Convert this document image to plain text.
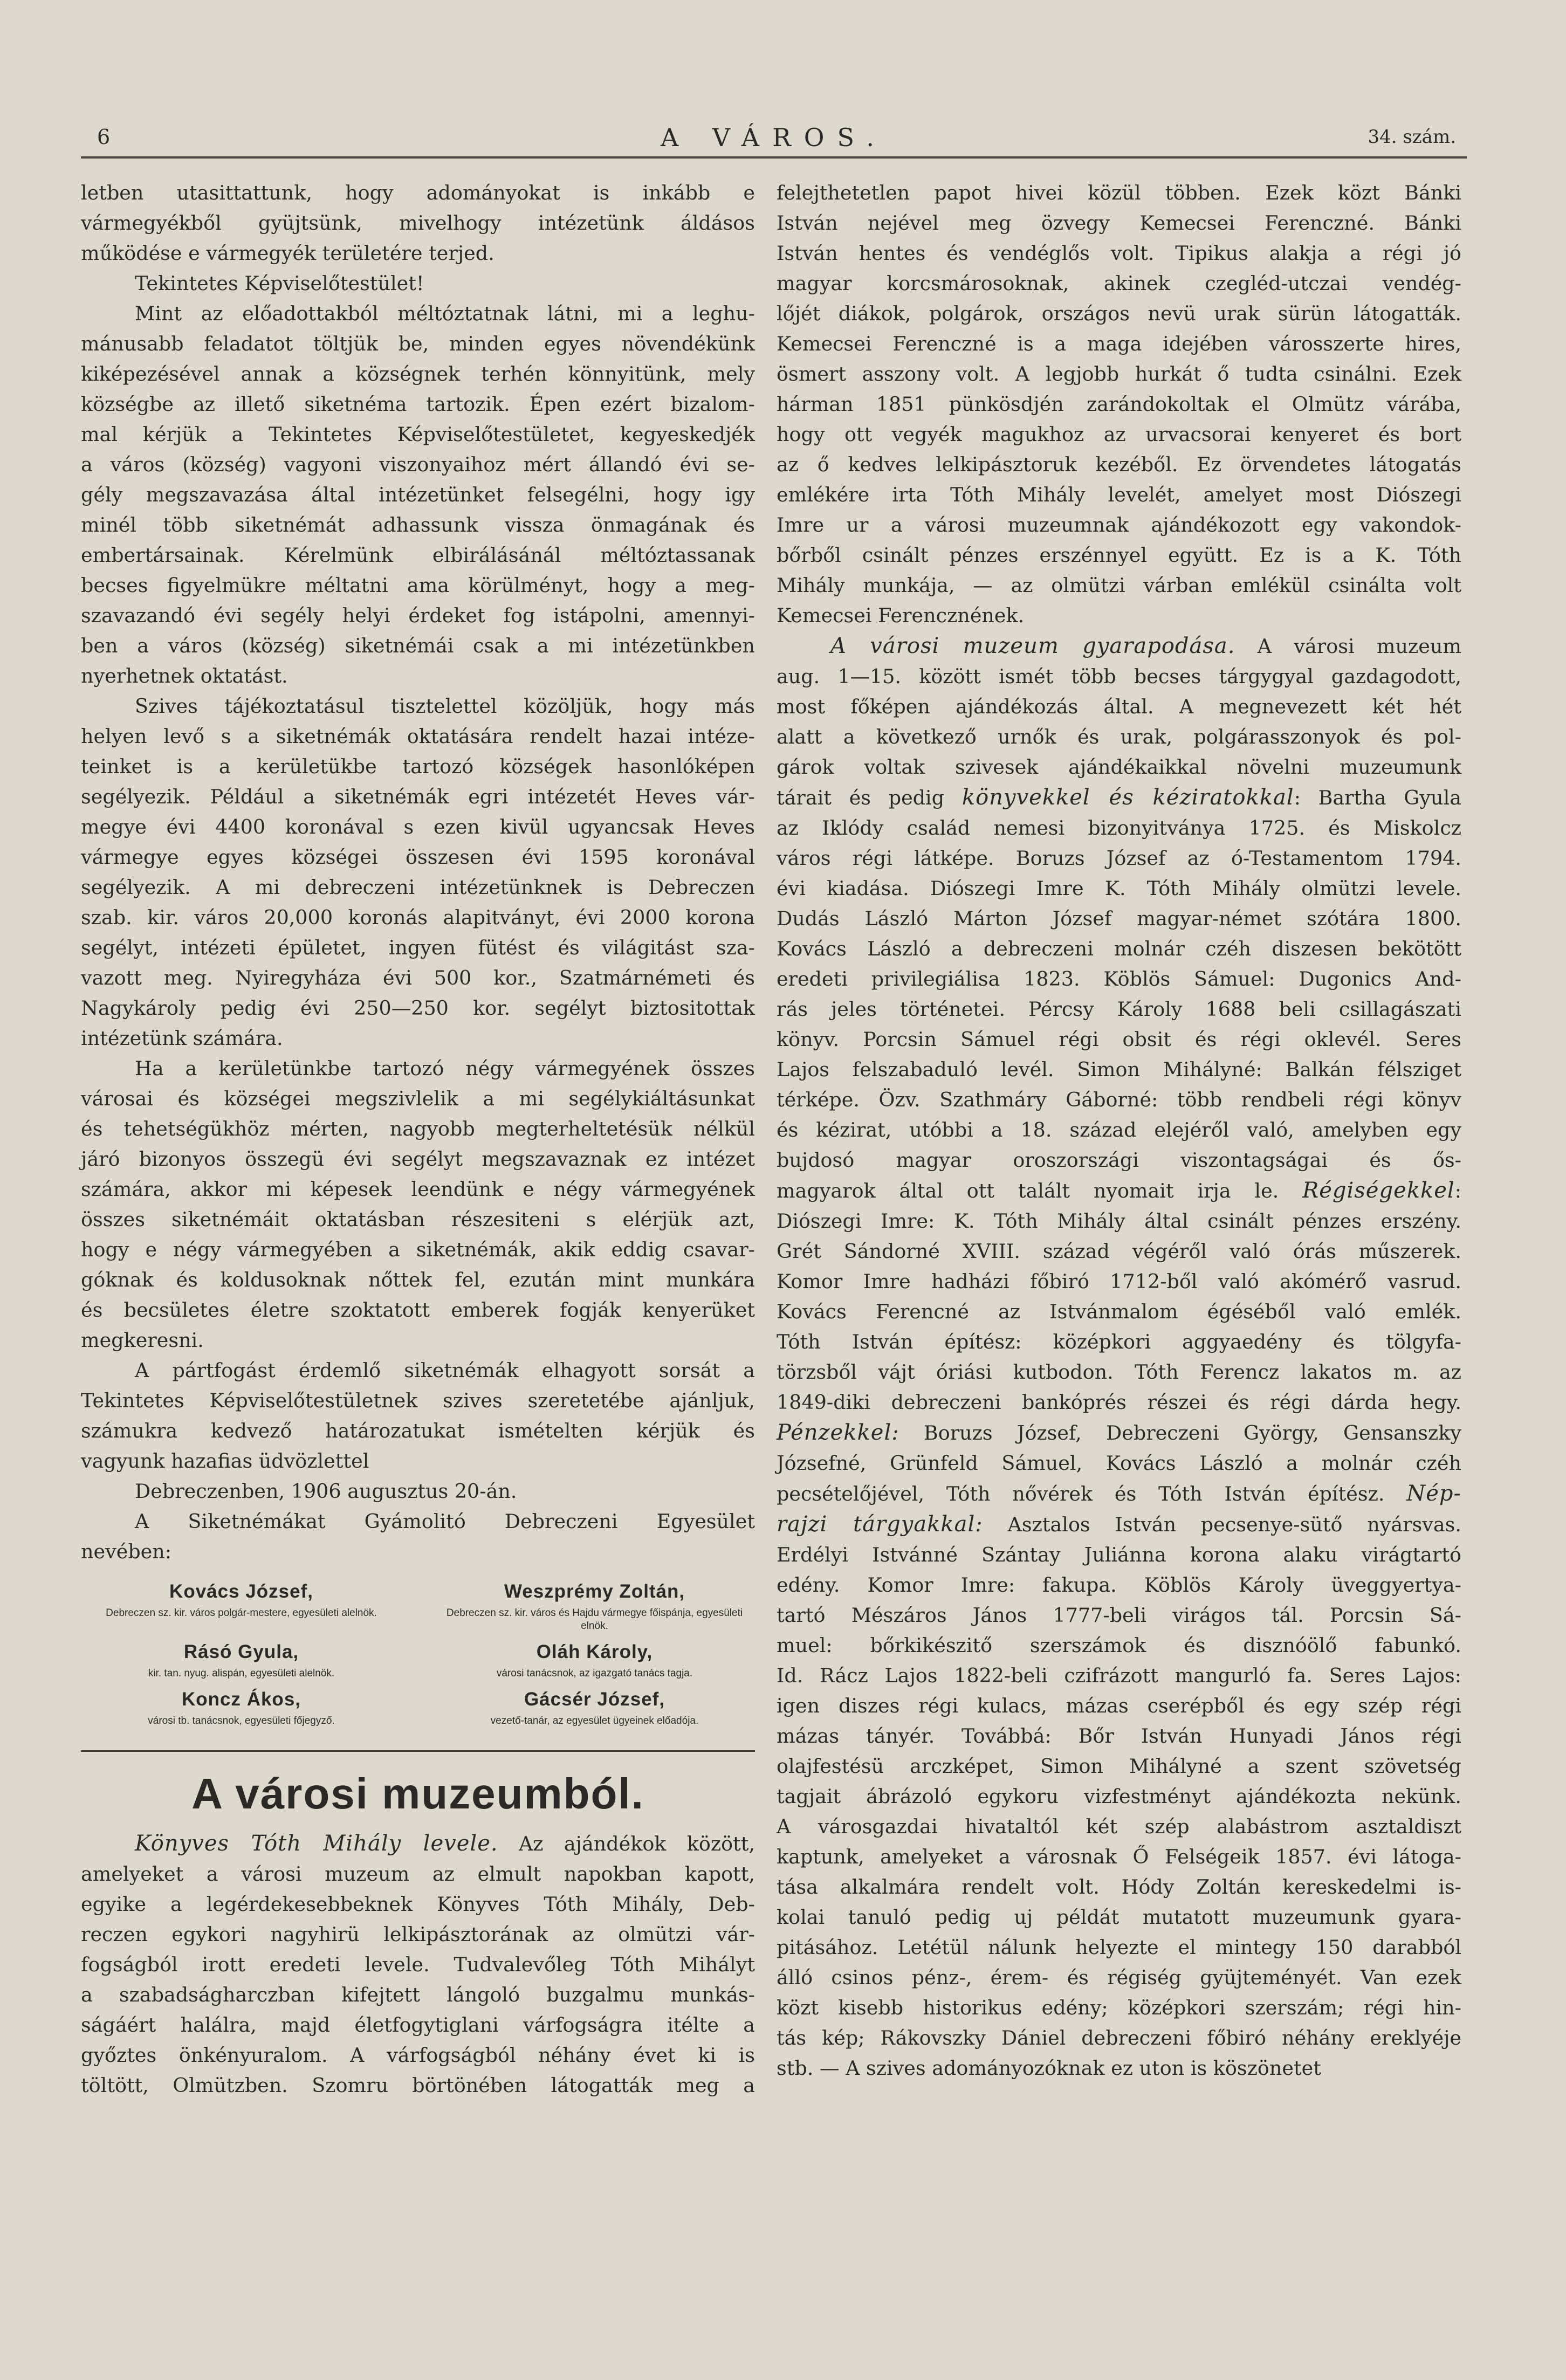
6	A VÁROS.	34. szám.

letben utasittattunk, hogy adományokat is inkább e

vármegyékből gyüjtsünk, mivelhogy intézetünk áldásos

működése e vármegyék területére terjed.

Tekintetes Képviselőtestület!

Mint az előadottakból méltóztatnak látni, mi a leghu-

mánusabb feladatot töltjük be, minden egyes növendékünk

kiképezésével annak a községnek terhén könnyitünk, mely

községbe az illető siketnéma tartozik. Épen ezért bizalom-

mal kérjük a Tekintetes Képviselőtestületet, kegyeskedjék

a város (község) vagyoni viszonyaihoz mért állandó évi se-

gély megszavazása által intézetünket felsegélni, hogy igy

minél több siketnémát adhassunk vissza önmagának és

embertársainak. Kérelmünk elbirálásánál méltóztassanak

becses figyelmükre méltatni ama körülményt, hogy a meg-

szavazandó évi segély helyi érdeket fog istápolni, amennyi-

ben a város (község) siketnémái csak a mi intézetünkben

nyerhetnek oktatást.

Szives tájékoztatásul tisztelettel közöljük, hogy más

helyen levő s a siketnémák oktatására rendelt hazai intéze-

teinket is a kerületükbe tartozó községek hasonlóképen

segélyezik. Például a siketnémák egri intézetét Heves vár-

megye évi 4400 koronával s ezen kivül ugyancsak Heves

vármegye egyes községei összesen évi 1595 koronával

segélyezik. A mi debreczeni intézetünknek is Debreczen

szab. kir. város 20,000 koronás alapitványt, évi 2000 korona

segélyt, intézeti épületet, ingyen fütést és világitást sza-

vazott meg. Nyiregyháza évi 500 kor., Szatmárnémeti és

Nagykároly pedig évi 250—250 kor. segélyt biztositottak

intézetünk számára.

Ha a kerületünkbe tartozó négy vármegyének összes

városai és községei megszivlelik a mi segélykiáltásunkat

és tehetségükhöz mérten, nagyobb megterheltetésük nélkül

járó bizonyos összegü évi segélyt megszavaznak ez intézet

számára, akkor mi képesek leendünk e négy vármegyének

összes siketnémáit oktatásban részesiteni s elérjük azt,

hogy e négy vármegyében a siketnémák, akik eddig csavar-

góknak és koldusoknak nőttek fel, ezután mint munkára

és becsületes életre szoktatott emberek fogják kenyerüket

megkeresni.

A pártfogást érdemlő siketnémák elhagyott sorsát a

Tekintetes Képviselőtestületnek szives szeretetébe ajánljuk,

számukra kedvező határozatukat ismételten kérjük és

vagyunk hazafias üdvözlettel

Debreczenben, 1906 augusztus 20-án.

A Siketnémákat Gyámolitó Debreczeni Egyesület

nevében:

Kovács József,
Debreczen sz. kir. város polgár-mestere, egyesületi alelnök.
Weszprémy Zoltán,
Debreczen sz. kir. város és Hajdu vármegye főispánja, egyesületi elnök.
Rásó Gyula,
kir. tan. nyug. alispán, egyesületi alelnök.
Oláh Károly,
városi tanácsnok, az igazgató tanács tagja.
Koncz Ákos,
városi tb. tanácsnok, egyesületi főjegyző.
Gácsér József,
vezető-tanár, az egyesület ügyeinek előadója.
A városi muzeumból.

Könyves Tóth Mihály levele. Az ajándékok között,

amelyeket a városi muzeum az elmult napokban kapott,

egyike a legérdekesebbeknek Könyves Tóth Mihály, Deb-

reczen egykori nagyhirü lelkipásztorának az olmützi vár-

fogságból irott eredeti levele. Tudvalevőleg Tóth Mihályt

a szabadságharczban kifejtett lángoló buzgalmu munkás-

ságáért halálra, majd életfogytiglani várfogságra itélte a

győztes önkényuralom. A várfogságból néhány évet ki is

töltött, Olmützben. Szomru börtönében látogatták meg a

felejthetetlen papot hivei közül többen. Ezek közt Bánki

István nejével meg özvegy Kemecsei Ferenczné. Bánki

István hentes és vendéglős volt. Tipikus alakja a régi jó

magyar korcsmárosoknak, akinek czegléd-utczai vendég-

lőjét diákok, polgárok, országos nevü urak sürün látogatták.

Kemecsei Ferenczné is a maga idejében városszerte hires,

ösmert asszony volt. A legjobb hurkát ő tudta csinálni. Ezek

hárman 1851 pünkösdjén zarándokoltak el Olmütz várába,

hogy ott vegyék magukhoz az urvacsorai kenyeret és bort

az ő kedves lelkipásztoruk kezéből. Ez örvendetes látogatás

emlékére irta Tóth Mihály levelét, amelyet most Diószegi

Imre ur a városi muzeumnak ajándékozott egy vakondok-

bőrből csinált pénzes erszénnyel együtt. Ez is a K. Tóth

Mihály munkája, — az olmützi várban emlékül csinálta volt

Kemecsei Ferencznének.

A városi muzeum gyarapodása. A városi muzeum

aug. 1—15. között ismét több becses tárgygyal gazdagodott,

most főképen ajándékozás által. A megnevezett két hét

alatt a következő urnők és urak, polgárasszonyok és pol-

gárok voltak szivesek ajándékaikkal növelni muzeumunk

tárait és pedig könyvekkel és kéziratokkal: Bartha Gyula

az Iklódy család nemesi bizonyitványa 1725. és Miskolcz

város régi látképe. Boruzs József az ó-Testamentom 1794.

évi kiadása. Diószegi Imre K. Tóth Mihály olmützi levele.

Dudás László Márton József magyar-német szótára 1800.

Kovács László a debreczeni molnár czéh diszesen bekötött

eredeti privilegiálisa 1823. Köblös Sámuel: Dugonics And-

rás jeles történetei. Pércsy Károly 1688 beli csillagászati

könyv. Porcsin Sámuel régi obsit és régi oklevél. Seres

Lajos felszabaduló levél. Simon Mihályné: Balkán félsziget

térképe. Özv. Szathmáry Gáborné: több rendbeli régi könyv

és kézirat, utóbbi a 18. század elejéről való, amelyben egy

bujdosó magyar oroszországi viszontagságai és ős-

magyarok által ott talált nyomait irja le. Régiségekkel:

Diószegi Imre: K. Tóth Mihály által csinált pénzes erszény.

Grét Sándorné XVIII. század végéről való órás műszerek.

Komor Imre hadházi főbiró 1712-ből való akómérő vasrud.

Kovács Ferencné az Istvánmalom égéséből való emlék.

Tóth István építész: középkori aggyaedény és tölgyfa-

törzsből vájt óriási kutbodon. Tóth Ferencz lakatos m. az

1849-diki debreczeni bankóprés részei és régi dárda hegy.

Pénzekkel: Boruzs József, Debreczeni György, Gensanszky

Józsefné, Grünfeld Sámuel, Kovács László a molnár czéh

pecsételőjével, Tóth nővérek és Tóth István építész. Nép-

rajzi tárgyakkal: Asztalos István pecsenye-sütő nyársvas.

Erdélyi Istvánné Szántay Juliánna korona alaku virágtartó

edény. Komor Imre: fakupa. Köblös Károly üveggyertya-

tartó Mészáros János 1777-beli virágos tál. Porcsin Sá-

muel: bőrkikészitő szerszámok és disznóölő fabunkó.

Id. Rácz Lajos 1822-beli czifrázott mangurló fa. Seres Lajos:

igen diszes régi kulacs, mázas cserépből és egy szép régi

mázas tányér. Továbbá: Bőr István Hunyadi János régi

olajfestésü arczképet, Simon Mihályné a szent szövetség

tagjait ábrázoló egykoru vizfestményt ajándékozta nekünk.

A városgazdai hivataltól két szép alabástrom asztaldiszt

kaptunk, amelyeket a városnak Ő Felségeik 1857. évi látoga-

tása alkalmára rendelt volt. Hódy Zoltán kereskedelmi is-

kolai tanuló pedig uj példát mutatott muzeumunk gyara-

pitásához. Letétül nálunk helyezte el mintegy 150 darabból

álló csinos pénz-, érem- és régiség gyüjteményét. Van ezek

közt kisebb historikus edény; középkori szerszám; régi hin-

tás kép; Rákovszky Dániel debreczeni főbiró néhány ereklyéje

stb. — A szives adományozóknak ez uton is köszönetet
